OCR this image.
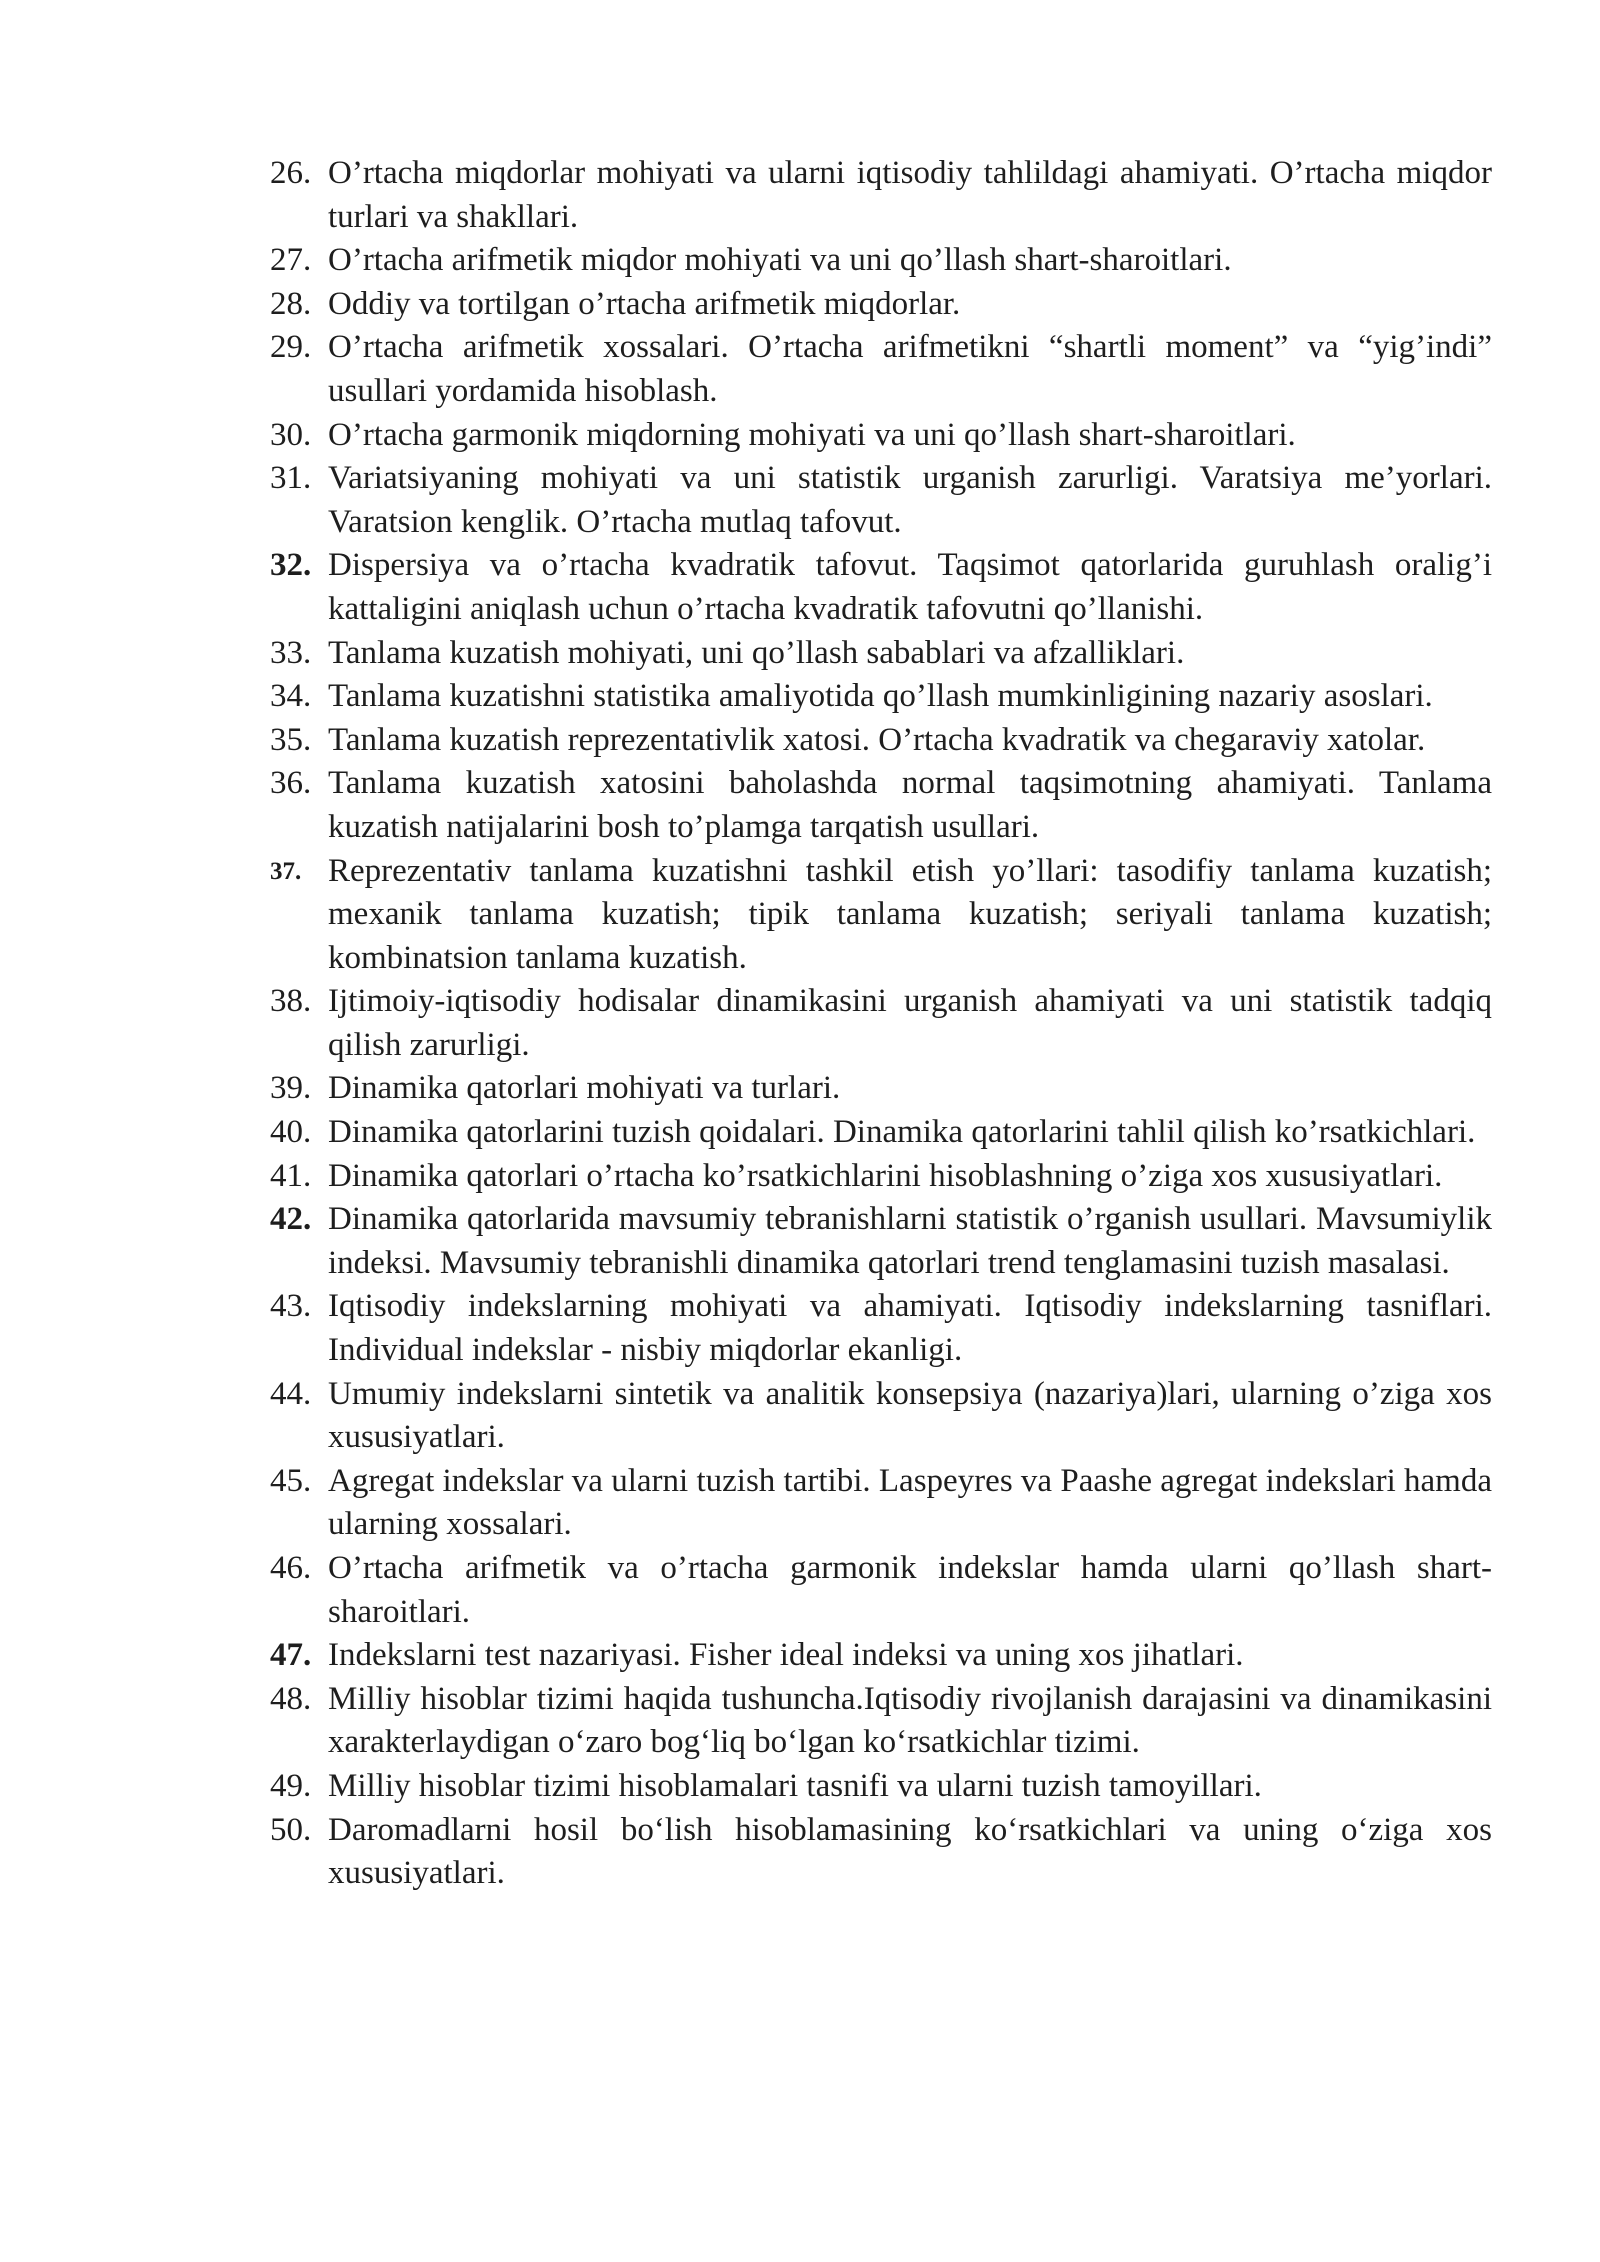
26. O’rtacha miqdorlar mohiyati va ularni iqtisodiy tahlildagi ahamiyati. O’rtacha miqdor turlari va shakllari.
27. O’rtacha arifmetik miqdor mohiyati va uni qo’llash shart-sharoitlari.
28. Oddiy va tortilgan o’rtacha arifmetik miqdorlar.
29. O’rtacha arifmetik xossalari. O’rtacha arifmetikni “shartli moment” va “yig’indi” usullari yordamida hisoblash.
30. O’rtacha garmonik miqdorning mohiyati va uni qo’llash shart-sharoitlari.
31. Variatsiyaning mohiyati va uni statistik urganish zarurligi. Varatsiya me’yorlari. Varatsion kenglik. O’rtacha mutlaq tafovut.
32. Dispersiya va o’rtacha kvadratik tafovut. Taqsimot qatorlarida guruhlash oralig’i kattaligini aniqlash uchun o’rtacha kvadratik tafovutni qo’llanishi.
33. Tanlama kuzatish mohiyati, uni qo’llash sabablari va afzalliklari.
34. Tanlama kuzatishni statistika amaliyotida qo’llash mumkinligining nazariy asoslari.
35. Tanlama kuzatish reprezentativlik xatosi. O’rtacha kvadratik va chegaraviy xatolar.
36. Tanlama kuzatish xatosini baholashda normal taqsimotning ahamiyati. Tanlama kuzatish natijalarini bosh to’plamga tarqatish usullari.
37. Reprezentativ tanlama kuzatishni tashkil etish yo’llari: tasodifiy tanlama kuzatish; mexanik tanlama kuzatish; tipik tanlama kuzatish; seriyali tanlama kuzatish; kombinatsion tanlama kuzatish.
38. Ijtimoiy-iqtisodiy hodisalar dinamikasini urganish ahamiyati va uni statistik tadqiq qilish zarurligi.
39. Dinamika qatorlari mohiyati va turlari.
40. Dinamika qatorlarini tuzish qoidalari. Dinamika qatorlarini tahlil qilish ko’rsatkichlari.
41. Dinamika qatorlari o’rtacha ko’rsatkichlarini hisoblashning o’ziga xos xususiyatlari.
42. Dinamika qatorlarida mavsumiy tebranishlarni statistik o’rganish usullari. Mavsumiylik indeksi. Mavsumiy tebranishli dinamika qatorlari trend tenglamasini tuzish masalasi.
43. Iqtisodiy indekslarning mohiyati va ahamiyati. Iqtisodiy indekslarning tasniflari. Individual indekslar - nisbiy miqdorlar ekanligi.
44. Umumiy indekslarni sintetik va analitik konsepsiya (nazariya)lari, ularning o’ziga xos xususiyatlari.
45. Agregat indekslar va ularni tuzish tartibi. Laspeyres va Paashe agregat indekslari hamda ularning xossalari.
46. O’rtacha arifmetik va o’rtacha garmonik indekslar hamda ularni qo’llash shart- sharoitlari.
47. Indekslarni test nazariyasi. Fisher ideal indeksi va uning xos jihatlari.
48. Milliy hisoblar tizimi haqida tushuncha.Iqtisodiy rivojlanish darajasini va dinamikasini xarakterlaydigan o‘zaro bog‘liq bo‘lgan ko‘rsatkichlar tizimi.
49. Milliy hisoblar tizimi hisoblamalari tasnifi va ularni tuzish tamoyillari.
50. Daromadlarni hosil bo‘lish hisoblamasining ko‘rsatkichlari va uning o‘ziga xos xususiyatlari.
